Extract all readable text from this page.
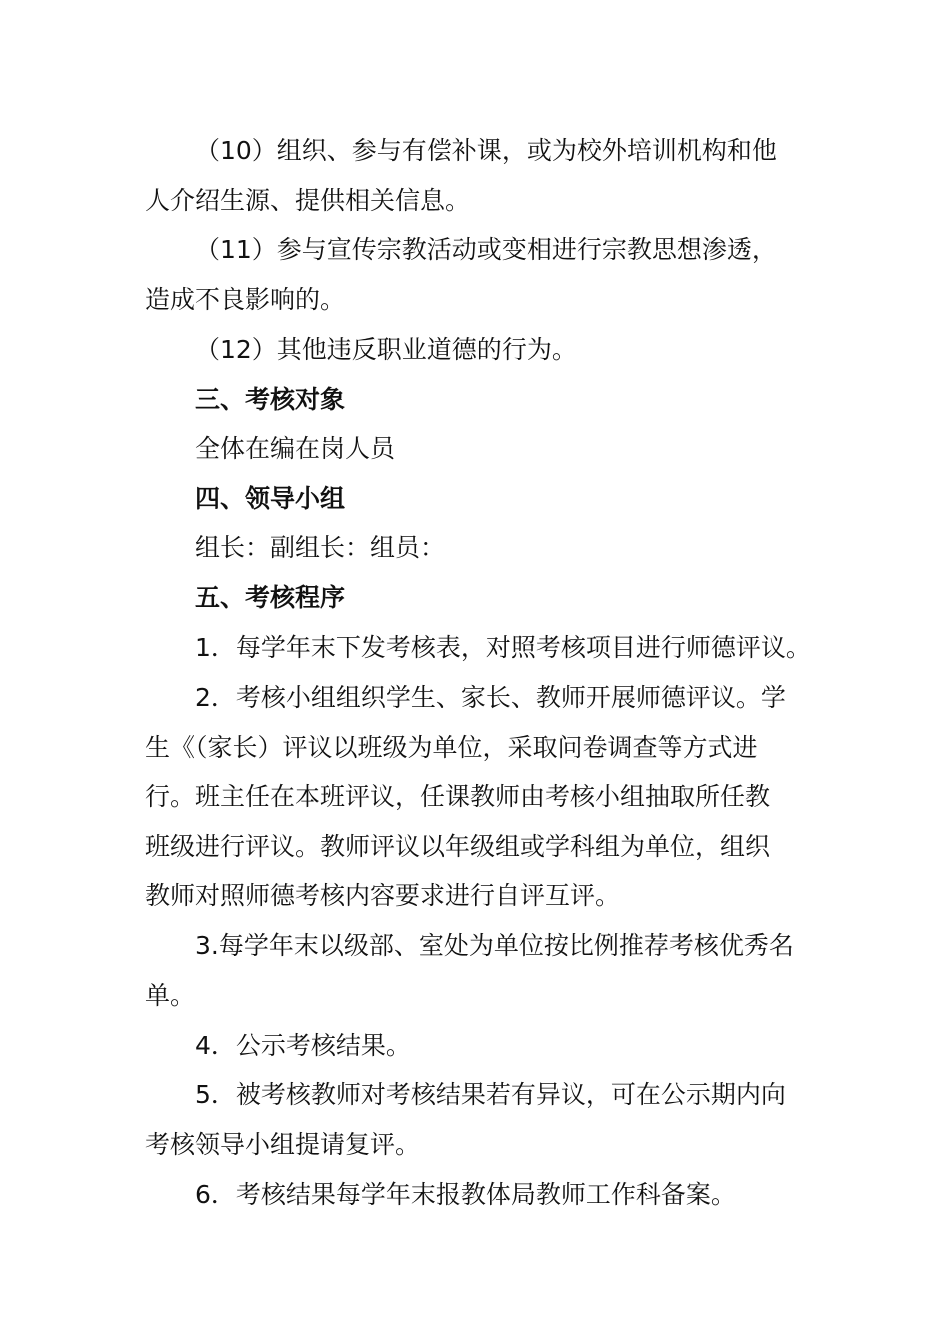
（10）组织、参与有偿补课，或为校外培训机构和他
人介绍生源、提供相关信息。
（11）参与宣传宗教活动或变相进行宗教思想渗透，
造成不良影响的。
（12）其他违反职业道德的行为。
三、考核对象
全体在编在岗人员
四、领导小组
组长：副组长：组员：
五、考核程序
1．每学年末下发考核表，对照考核项目进行师德评议。
2．考核小组组织学生、家长、教师开展师德评议。学
生《（家长）评议以班级为单位，采取问卷调查等方式进
行。班主任在本班评议，任课教师由考核小组抽取所任教
班级进行评议。教师评议以年级组或学科组为单位，组织
教师对照师德考核内容要求进行自评互评。
3.每学年末以级部、室处为单位按比例推荐考核优秀名
单。
4．公示考核结果。
5．被考核教师对考核结果若有异议，可在公示期内向
考核领导小组提请复评。
6．考核结果每学年末报教体局教师工作科备案。
